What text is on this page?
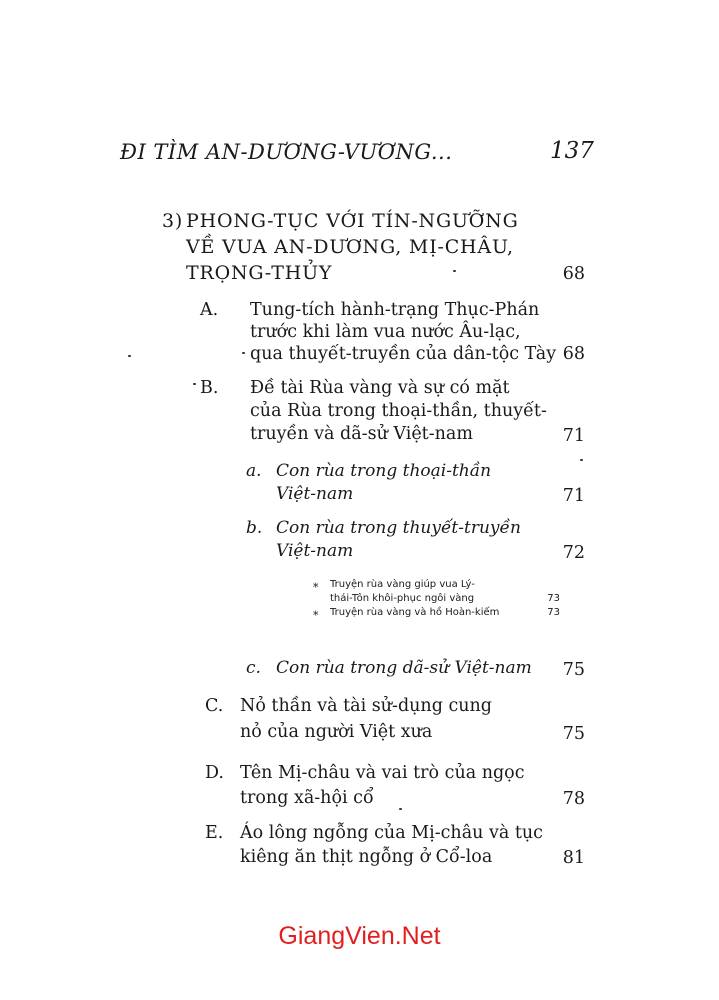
ĐI TÌM AN-DƯƠNG-VƯƠNG...	137
3) PHONG-TỤC VỚI TÍN-NGƯỠNG
VỀ VUA AN-DƯƠNG, MỊ-CHÂU,
TRỌNG-THỦY	68
A. Tung-tích hành-trạng Thục-Phán
trước khi làm vua nước Âu-lạc,
qua thuyết-truyền của dân-tộc Tày 68
B. Đề tài Rùa vàng và sự có mặt
của Rùa trong thoại-thần, thuyết-
truyền và dã-sử Việt-nam	71
a. Con rùa trong thoại-thần
Việt-nam	71
b. Con rùa trong thuyết-truyền
Việt-nam	72
* Truyện rùa vàng giúp vua Lý-
thái-Tôn khôi-phục ngôi vàng	73
* Truyện rùa vàng và hồ Hoàn-kiếm	73
c. Con rùa trong dã-sử Việt-nam	75
C. Nỏ thần và tài sử-dụng cung
nỏ của người Việt xưa	75
D. Tên Mị-châu và vai trò của ngọc
trong xã-hội cổ	78
E. Áo lông ngỗng của Mị-châu và tục
kiêng ăn thịt ngỗng ở Cổ-loa	81
GiangVien.Net
